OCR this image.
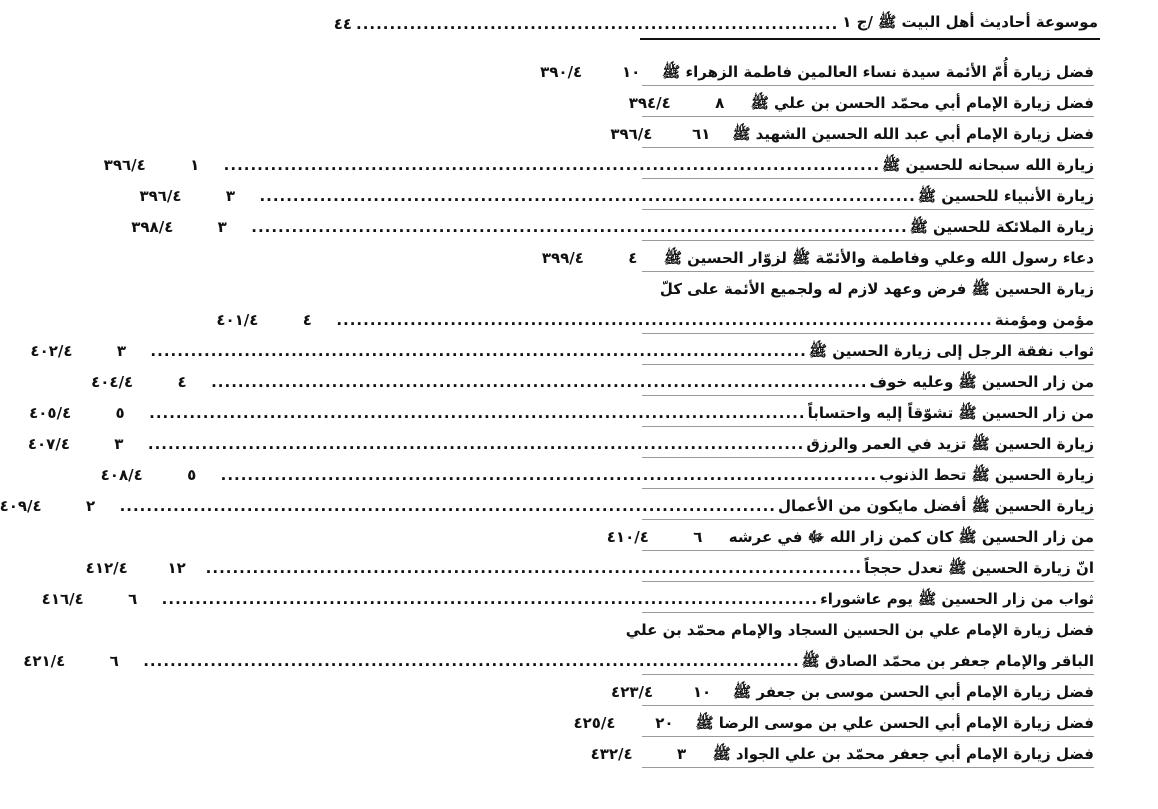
موسوعة أحاديث أهل البيت ﷺ /ج ١
........................................................................
٤٤
فضل زيارة أُمّ الأئمة سيدة نساء العالمين فاطمة الزهراء ﷺ
١٠
٣٩٠/٤
فضل زيارة الإمام أبي محمّد الحسن بن علي ﷺ
٨
٣٩٤/٤
فضل زيارة الإمام أبي عبد الله الحسين الشهيد ﷺ
٦١
٣٩٦/٤
زيارة الله سبحانه للحسين ﷺ
..................................................................................................
١
٣٩٦/٤
زيارة الأنبياء للحسين ﷺ
..................................................................................................
٣
٣٩٦/٤
زيارة الملائكة للحسين ﷺ
..................................................................................................
٣
٣٩٨/٤
دعاء رسول الله وعلي وفاطمة والأئمّة ﷺ لزوّار الحسين ﷺ
٤
٣٩٩/٤
زيارة الحسين ﷺ فرض وعهد لازم له ولجميع الأئمة على كلّ
مؤمن ومؤمنة
..................................................................................................
٤
٤٠١/٤
ثواب نفقة الرجل إلى زيارة الحسين ﷺ
..................................................................................................
٣
٤٠٢/٤
من زار الحسين ﷺ وعليه خوف
..................................................................................................
٤
٤٠٤/٤
من زار الحسين ﷺ تشوّقاً إليه واحتساباً
..................................................................................................
٥
٤٠٥/٤
زيارة الحسين ﷺ تزيد في العمر والرزق
..................................................................................................
٣
٤٠٧/٤
زيارة الحسين ﷺ تحط الذنوب
..................................................................................................
٥
٤٠٨/٤
زيارة الحسين ﷺ أفضل مايكون من الأعمال
..................................................................................................
٢
٤٠٩/٤
من زار الحسين ﷺ كان كمن زار الله ﷻ في عرشه
٦
٤١٠/٤
انّ زيارة الحسين ﷺ تعدل حججاً
..................................................................................................
١٢
٤١٢/٤
ثواب من زار الحسين ﷺ يوم عاشوراء
..................................................................................................
٦
٤١٦/٤
فضل زيارة الإمام علي بن الحسين السجاد والإمام محمّد بن علي
الباقر والإمام جعفر بن محمّد الصادق ﷺ
..................................................................................................
٦
٤٢١/٤
فضل زيارة الإمام أبي الحسن موسى بن جعفر ﷺ
١٠
٤٢٣/٤
فضل زيارة الإمام أبي الحسن علي بن موسى الرضا ﷺ
٢٠
٤٢٥/٤
فضل زيارة الإمام أبي جعفر محمّد بن علي الجواد ﷺ
٣
٤٣٢/٤
